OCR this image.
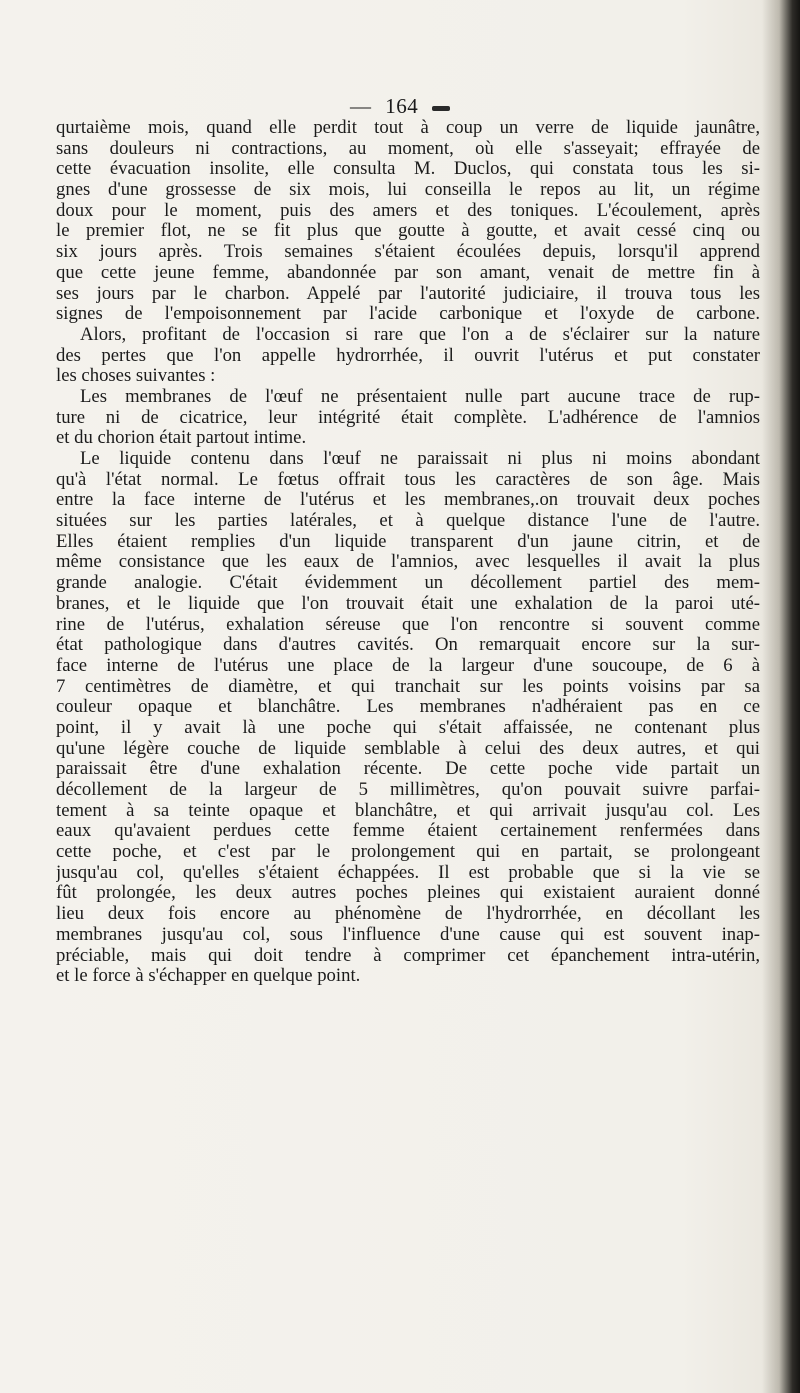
— 164
qurtaième mois, quand elle perdit tout à coup un verre de liquide jaunâtre,
sans douleurs ni contractions, au moment, où elle s'asseyait; effrayée de
cette évacuation insolite, elle consulta M. Duclos, qui constata tous les si-
gnes d'une grossesse de six mois, lui conseilla le repos au lit, un régime
doux pour le moment, puis des amers et des toniques. L'écoulement, après
le premier flot, ne se fit plus que goutte à goutte, et avait cessé cinq ou
six jours après. Trois semaines s'étaient écoulées depuis, lorsqu'il apprend
que cette jeune femme, abandonnée par son amant, venait de mettre fin à
ses jours par le charbon. Appelé par l'autorité judiciaire, il trouva tous les
signes de l'empoisonnement par l'acide carbonique et l'oxyde de carbone.
Alors, profitant de l'occasion si rare que l'on a de s'éclairer sur la nature
des pertes que l'on appelle hydrorrhée, il ouvrit l'utérus et put constater
les choses suivantes :
Les membranes de l'œuf ne présentaient nulle part aucune trace de rup-
ture ni de cicatrice, leur intégrité était complète. L'adhérence de l'amnios
et du chorion était partout intime.
Le liquide contenu dans l'œuf ne paraissait ni plus ni moins abondant
qu'à l'état normal. Le fœtus offrait tous les caractères de son âge. Mais
entre la face interne de l'utérus et les membranes,.on trouvait deux poches
situées sur les parties latérales, et à quelque distance l'une de l'autre.
Elles étaient remplies d'un liquide transparent d'un jaune citrin, et de
même consistance que les eaux de l'amnios, avec lesquelles il avait la plus
grande analogie. C'était évidemment un décollement partiel des mem-
branes, et le liquide que l'on trouvait était une exhalation de la paroi uté-
rine de l'utérus, exhalation séreuse que l'on rencontre si souvent comme
état pathologique dans d'autres cavités. On remarquait encore sur la sur-
face interne de l'utérus une place de la largeur d'une soucoupe, de 6 à
7 centimètres de diamètre, et qui tranchait sur les points voisins par sa
couleur opaque et blanchâtre. Les membranes n'adhéraient pas en ce
point, il y avait là une poche qui s'était affaissée, ne contenant plus
qu'une légère couche de liquide semblable à celui des deux autres, et qui
paraissait être d'une exhalation récente. De cette poche vide partait un
décollement de la largeur de 5 millimètres, qu'on pouvait suivre parfai-
tement à sa teinte opaque et blanchâtre, et qui arrivait jusqu'au col. Les
eaux qu'avaient perdues cette femme étaient certainement renfermées dans
cette poche, et c'est par le prolongement qui en partait, se prolongeant
jusqu'au col, qu'elles s'étaient échappées. Il est probable que si la vie se
fût prolongée, les deux autres poches pleines qui existaient auraient donné
lieu deux fois encore au phénomène de l'hydrorrhée, en décollant les
membranes jusqu'au col, sous l'influence d'une cause qui est souvent inap-
préciable, mais qui doit tendre à comprimer cet épanchement intra-utérin,
et le force à s'échapper en quelque point.
